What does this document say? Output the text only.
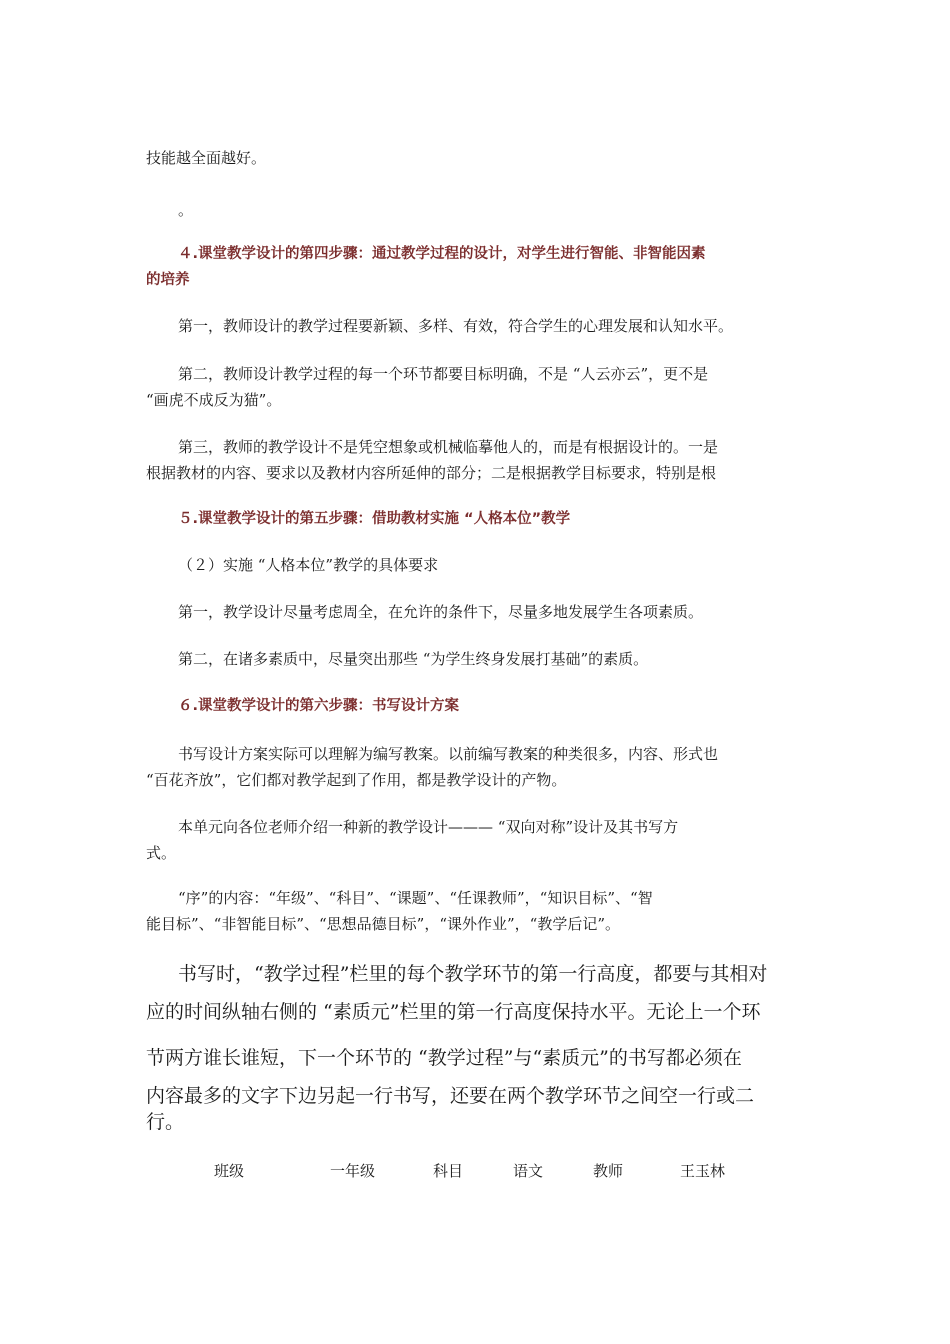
技能越全面越好。
。
４.课堂教学设计的第四步骤：通过教学过程的设计，对学生进行智能、非智能因素
的培养
第一，教师设计的教学过程要新颖、多样、有效，符合学生的心理发展和认知水平。
第二，教师设计教学过程的每一个环节都要目标明确，不是 “人云亦云”，更不是
“画虎不成反为猫”。
第三，教师的教学设计不是凭空想象或机械临摹他人的，而是有根据设计的。一是
根据教材的内容、要求以及教材内容所延伸的部分；二是根据教学目标要求，特别是根
５.课堂教学设计的第五步骤：借助教材实施 “人格本位”教学
（２）实施 “人格本位”教学的具体要求
第一，教学设计尽量考虑周全，在允许的条件下，尽量多地发展学生各项素质。
第二，在诸多素质中，尽量突出那些 “为学生终身发展打基础”的素质。
６.课堂教学设计的第六步骤：书写设计方案
书写设计方案实际可以理解为编写教案。以前编写教案的种类很多，内容、形式也
“百花齐放”，它们都对教学起到了作用，都是教学设计的产物。
本单元向各位老师介绍一种新的教学设计——— “双向对称”设计及其书写方
式。
“序”的内容：“年级”、“科目”、“课题”、“任课教师”，“知识目标”、“智
能目标”、“非智能目标”、“思想品德目标”，“课外作业”，“教学后记”。
书写时，“教学过程”栏里的每个教学环节的第一行高度，都要与其相对
应的时间纵轴右侧的 “素质元”栏里的第一行高度保持水平。无论上一个环
节两方谁长谁短，下一个环节的 “教学过程”与“素质元”的书写都必须在
内容最多的文字下边另起一行书写，还要在两个教学环节之间空一行或二
行。
班级	一年级	科目	语文	教师	王玉林
